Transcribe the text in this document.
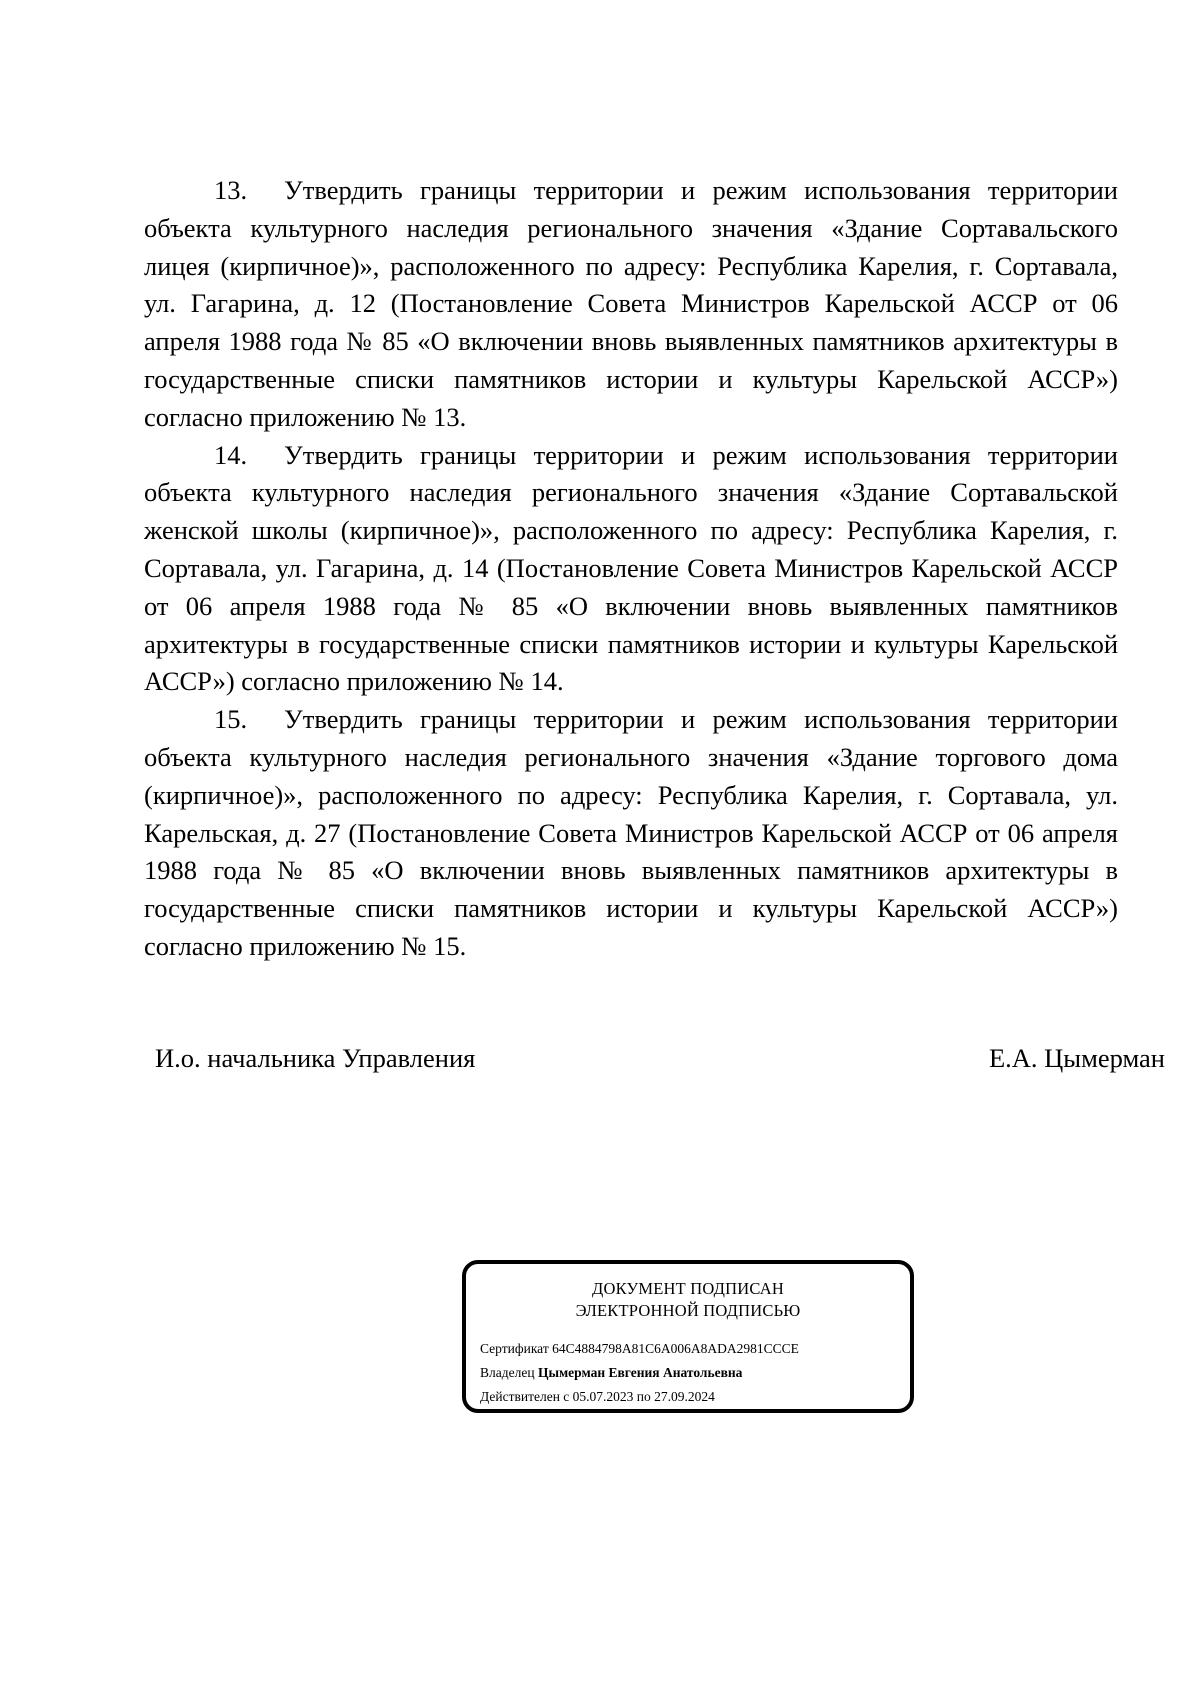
13. Утвердить границы территории и режим использования территории объекта культурного наследия регионального значения «Здание Сортавальского лицея (кирпичное)», расположенного по адресу: Республика Карелия, г. Сортавала, ул. Гагарина, д. 12 (Постановление Совета Министров Карельской АССР от 06 апреля 1988 года № 85 «О включении вновь выявленных памятников архитектуры в государственные списки памятников истории и культуры Карельской АССР») согласно приложению № 13.

14. Утвердить границы территории и режим использования территории объекта культурного наследия регионального значения «Здание Сортавальской женской школы (кирпичное)», расположенного по адресу: Республика Карелия, г. Сортавала, ул. Гагарина, д. 14 (Постановление Совета Министров Карельской АССР от 06 апреля 1988 года № 85 «О включении вновь выявленных памятников архитектуры в государственные списки памятников истории и культуры Карельской АССР») согласно приложению № 14.

15. Утвердить границы территории и режим использования территории объекта культурного наследия регионального значения «Здание торгового дома (кирпичное)», расположенного по адресу: Республика Карелия, г. Сортавала, ул. Карельская, д. 27 (Постановление Совета Министров Карельской АССР от 06 апреля 1988 года № 85 «О включении вновь выявленных памятников архитектуры в государственные списки памятников истории и культуры Карельской АССР») согласно приложению № 15.

И.о. начальника Управления	Е.А. Цымерман
ДОКУМЕНТ ПОДПИСАН
ЭЛЕКТРОННОЙ ПОДПИСЬЮ
Сертификат 64C4884798A81C6A006A8ADA2981CCCE
Владелец Цымерман Евгения Анатольевна
Действителен с 05.07.2023 по 27.09.2024
